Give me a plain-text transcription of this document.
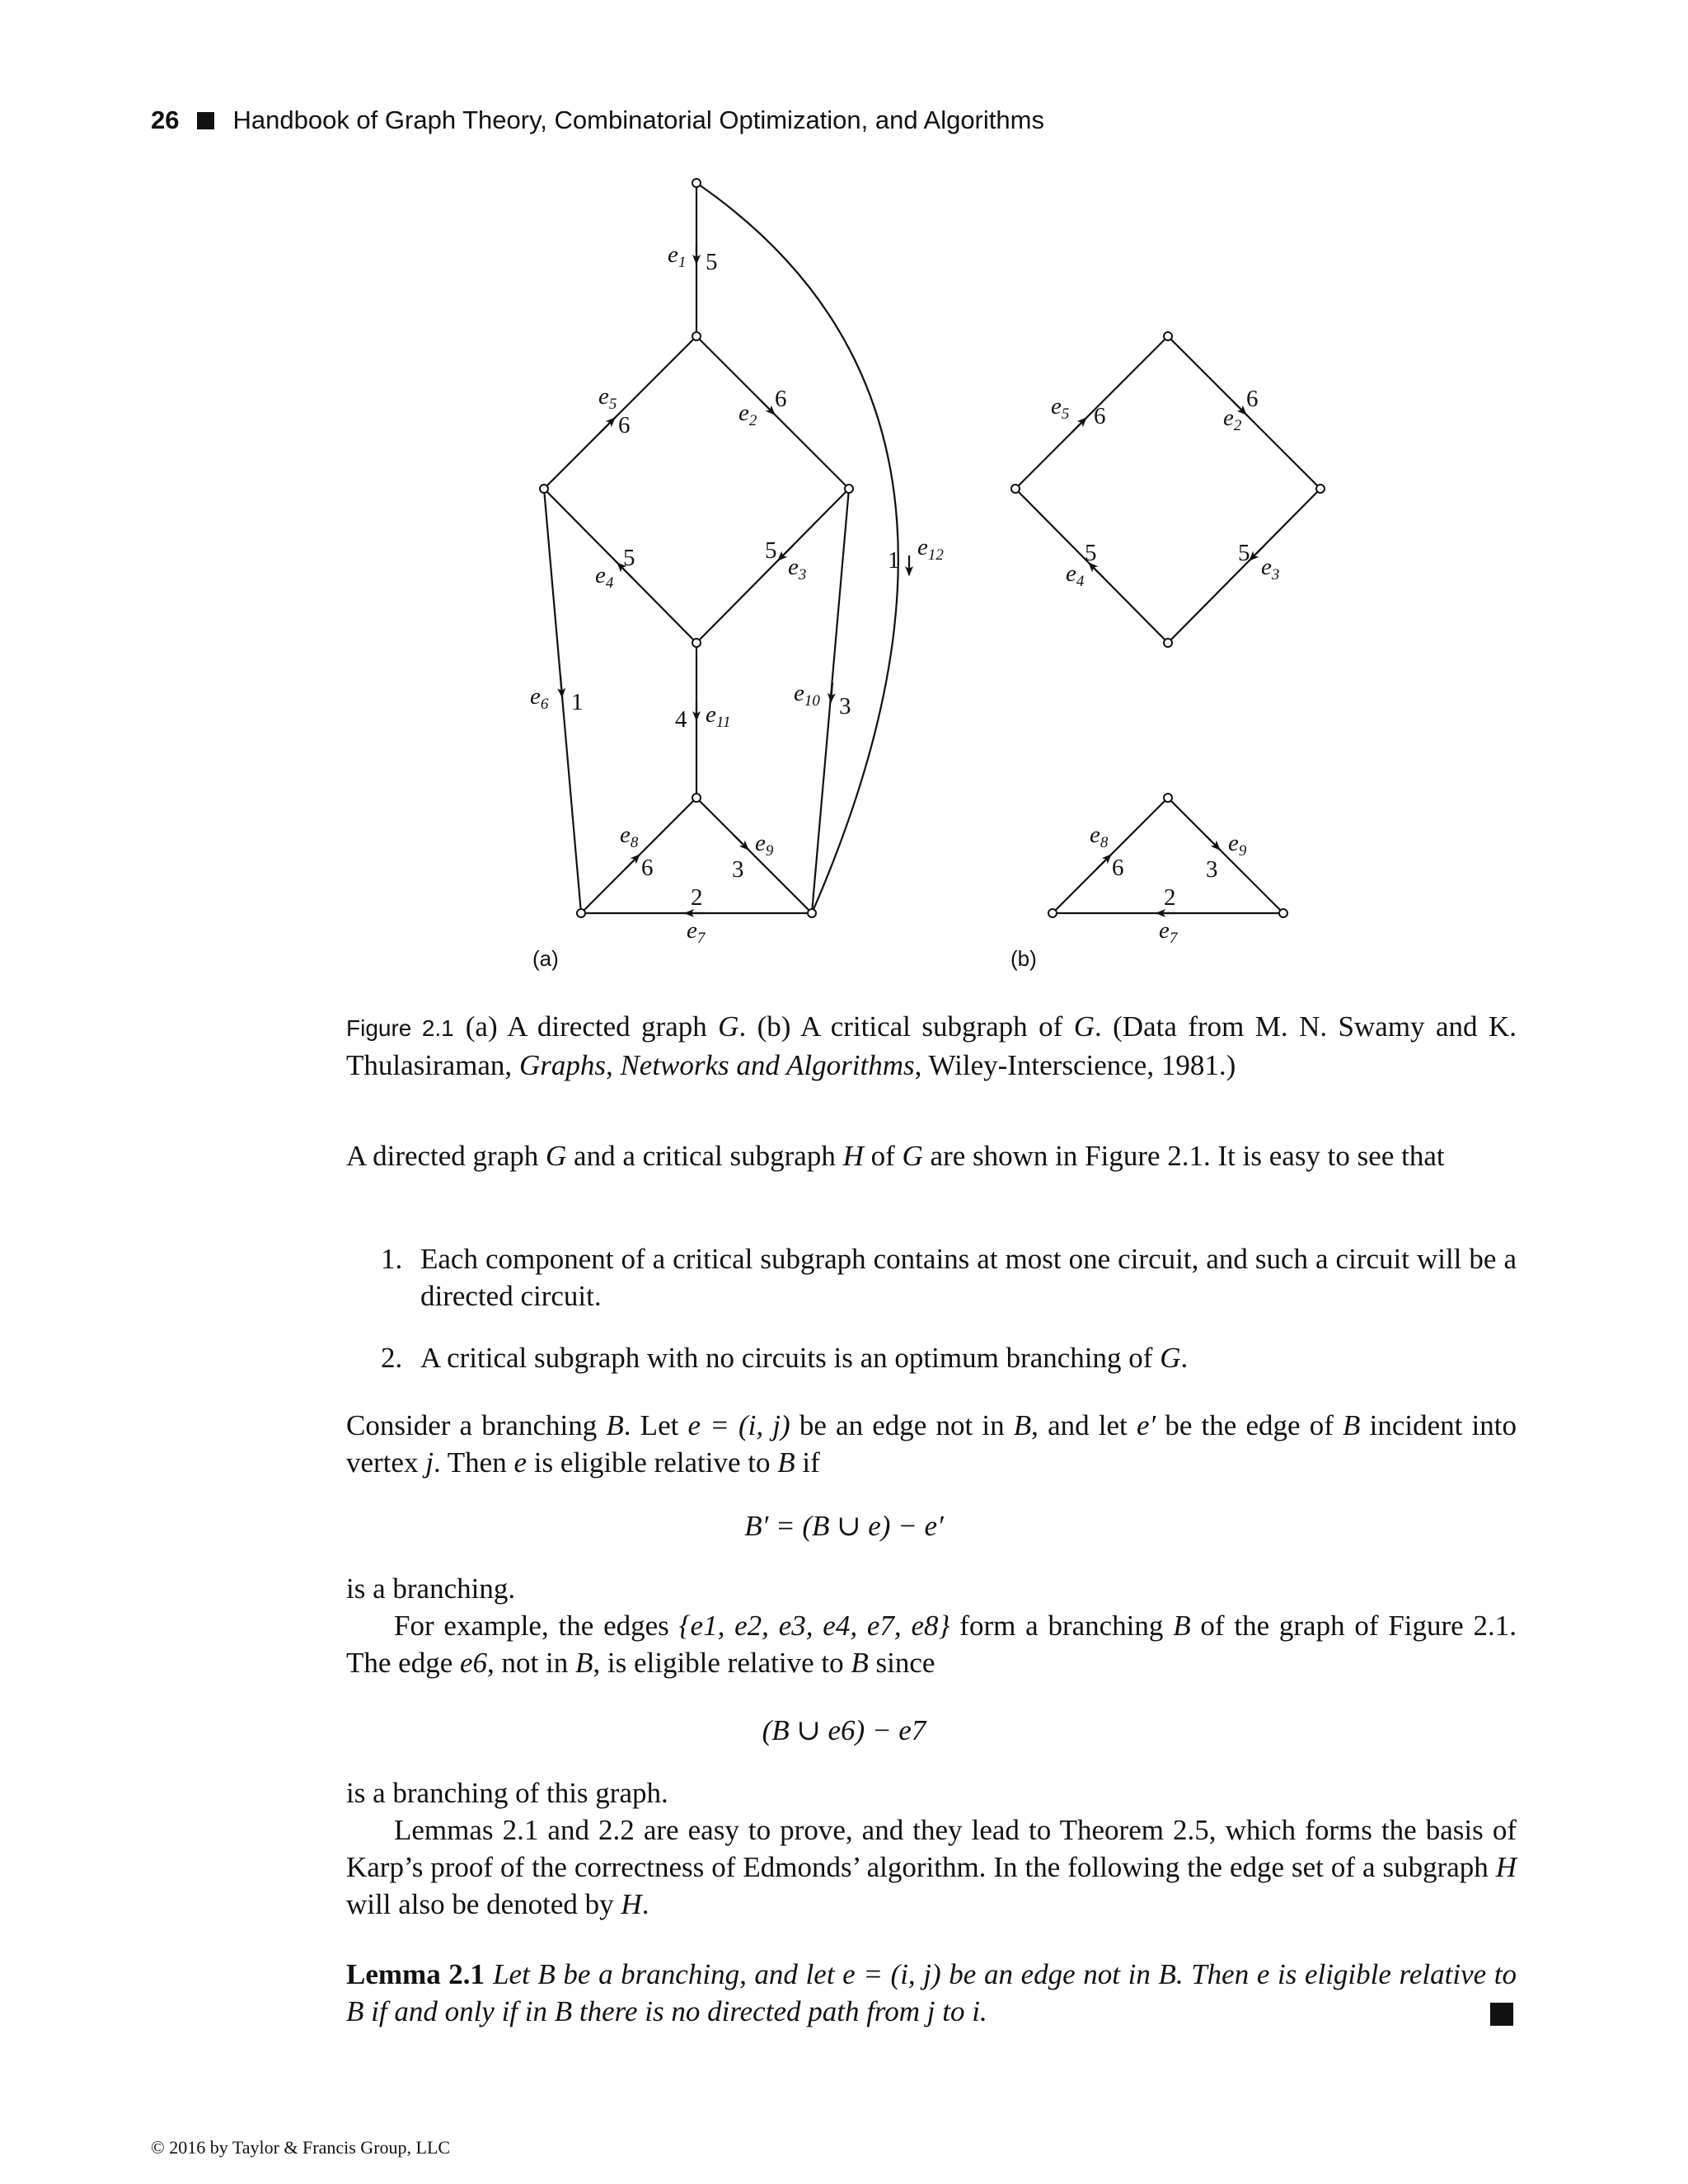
26 Handbook of Graph Theory, Combinatorial Optimization, and Algorithms
$e_1$ 5
$e_5$
6	$e_2$
6
$e_4$
5	5
$e_3$
1 $e_{12}$
$e_6$ 1
4 $e_{11}$
$e_{10}$ 3
$e_8$
6
$e_9$
3
2
$e_7$
$e_5$ 6
6
$e_2$
5
$e_4$
5
$e_3$
$e_8$
6
$e_9$
3
2
$e_7$
(a)	(b)

Figure 2.1 (a) A directed graph G. (b) A critical subgraph of G. (Data from M. N. Swamy and K. Thulasiraman, Graphs, Networks and Algorithms, Wiley-Interscience, 1981.)

A directed graph G and a critical subgraph H of G are shown in Figure 2.1. It is easy to see that

1. Each component of a critical subgraph contains at most one circuit, and such a circuit will be a directed circuit.
2. A critical subgraph with no circuits is an optimum branching of G.

Consider a branching B. Let e = (i, j) be an edge not in B, and let e′ be the edge of B incident into vertex j. Then e is eligible relative to B if

B′ = (B ∪ e) − e′

is a branching.
For example, the edges {e1, e2, e3, e4, e7, e8} form a branching B of the graph of Figure 2.1. The edge e6, not in B, is eligible relative to B since

(B ∪ e6) − e7

is a branching of this graph.
Lemmas 2.1 and 2.2 are easy to prove, and they lead to Theorem 2.5, which forms the basis of Karp’s proof of the correctness of Edmonds’ algorithm. In the following the edge set of a subgraph H will also be denoted by H.

Lemma 2.1 Let B be a branching, and let e = (i, j) be an edge not in B. Then e is eligible relative to B if and only if in B there is no directed path from j to i.

© 2016 by Taylor & Francis Group, LLC
